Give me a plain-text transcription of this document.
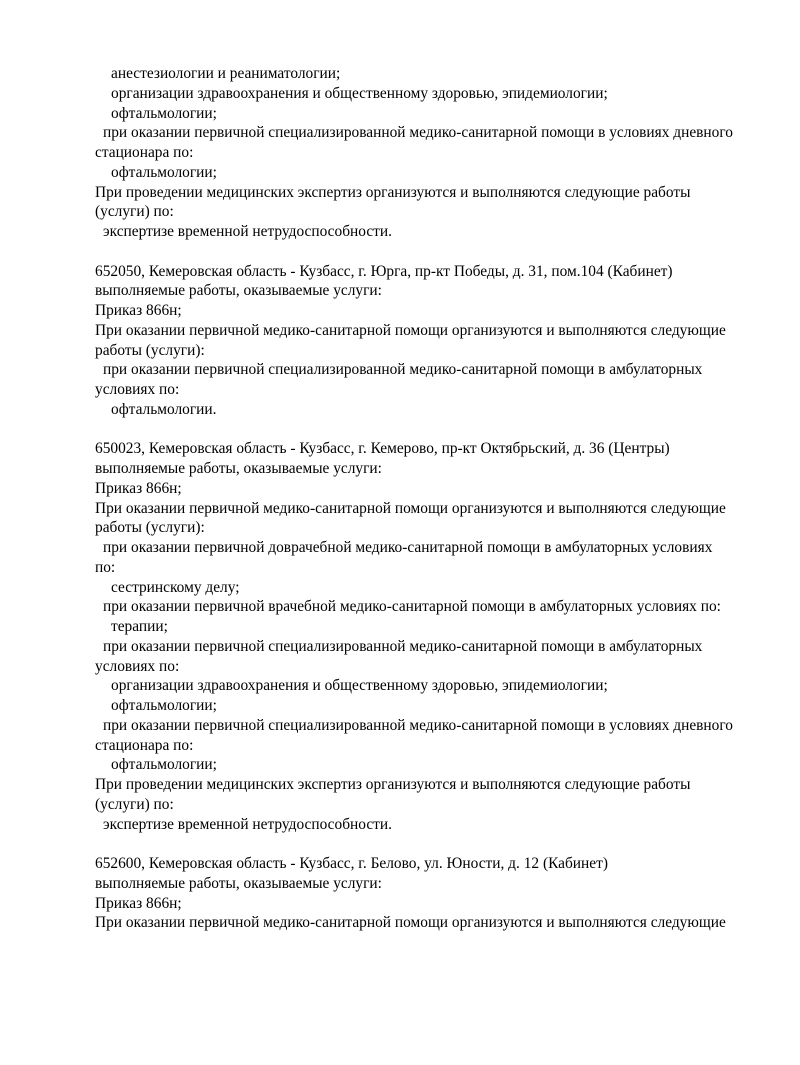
анестезиологии и реаниматологии;
организации здравоохранения и общественному здоровью, эпидемиологии;
офтальмологии;
при оказании первичной специализированной медико-санитарной помощи в условиях дневного
стационара по:
офтальмологии;
При проведении медицинских экспертиз организуются и выполняются следующие работы
(услуги) по:
экспертизе временной нетрудоспособности.
652050, Кемеровская область - Кузбасс, г. Юрга, пр-кт Победы, д. 31, пом.104 (Кабинет)
выполняемые работы, оказываемые услуги:
Приказ 866н;
При оказании первичной медико-санитарной помощи организуются и выполняются следующие
работы (услуги):
при оказании первичной специализированной медико-санитарной помощи в амбулаторных
условиях по:
офтальмологии.
650023, Кемеровская область - Кузбасс, г. Кемерово, пр-кт Октябрьский, д. 36 (Центры)
выполняемые работы, оказываемые услуги:
Приказ 866н;
При оказании первичной медико-санитарной помощи организуются и выполняются следующие
работы (услуги):
при оказании первичной доврачебной медико-санитарной помощи в амбулаторных условиях
по:
сестринскому делу;
при оказании первичной врачебной медико-санитарной помощи в амбулаторных условиях по:
терапии;
при оказании первичной специализированной медико-санитарной помощи в амбулаторных
условиях по:
организации здравоохранения и общественному здоровью, эпидемиологии;
офтальмологии;
при оказании первичной специализированной медико-санитарной помощи в условиях дневного
стационара по:
офтальмологии;
При проведении медицинских экспертиз организуются и выполняются следующие работы
(услуги) по:
экспертизе временной нетрудоспособности.
652600, Кемеровская область - Кузбасс, г. Белово, ул. Юности, д. 12 (Кабинет)
выполняемые работы, оказываемые услуги:
Приказ 866н;
При оказании первичной медико-санитарной помощи организуются и выполняются следующие
